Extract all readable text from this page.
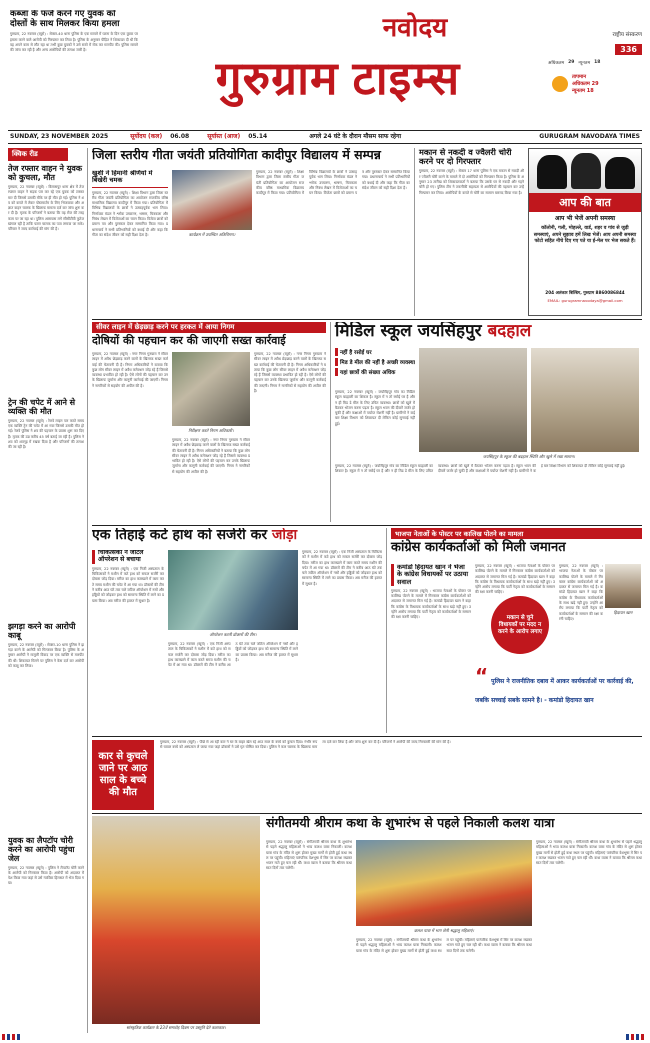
कब्जा के फर्ज करने गए युवक को
दोस्तों के साथ मिलकर किया हमला
गुरुग्राम, 22 नवम्बर (ब्यूरो) : सेक्टर-40 थाना पुलिस के एक मामले में घटना के दिन एक युवक पर हमला करने वाले आरोपी को गिरफ्तार कर लिया है। पुलिस के अनुसार पीड़ित ने शिकायत दी थी कि वह अपने काम से लौट रहा था तभी कुछ युवकों ने उसे रास्ते में रोक कर मारपीट की। पुलिस मामले की जांच कर रही है और अन्य आरोपियों की तलाश जारी है।
नवोदय
गुरुग्राम टाइम्स
राष्ट्रीय संस्करण
336
अधिकतम 29 न्यूनतम 18
तापमान
अधिकतम 29
न्यूनतम 18
SUNDAY, 23 NOVEMBER 2025	सूर्योदय (कल) 06.08	सूर्यास्त (आज) 05.14	अगले 24 घंटे के दौरान मौसम साफ रहेगा	GURUGRAM NAVODAYA TIMES
क्विक रीड
तेज रफ्तार वाहन ने युवक को कुचला, मौत
गुरुग्राम, 22 नवम्बर (ब्यूरो) : बिलासपुर थाना क्षेत्र में तेज रफ्तार वाहन ने सड़क पार कर रहे एक युवक को टक्कर मार दी जिससे उसकी मौके पर ही मौत हो गई। पुलिस ने शव को कब्जे में लेकर पोस्टमार्टम के लिए भिजवाया और अज्ञात वाहन चालक के खिलाफ मामला दर्ज कर जांच शुरू कर दी है। मृतक के परिजनों ने बताया कि वह रोज की तरह काम पर जा रहा था। पुलिस आसपास लगे सीसीटीवी फुटेज खंगाल रही है ताकि फरार चालक का पता लगाया जा सके। परिवार ने जल्द कार्रवाई की मांग की है।
ट्रेन की चपेट में आने से व्यक्ति की मौत
गुरुग्राम, 22 नवम्बर (ब्यूरो) : रेलवे लाइन पार करते समय एक व्यक्ति ट्रेन की चपेट में आ गया जिससे उसकी मौत हो गई। रेलवे पुलिस ने शव की पहचान के प्रयास शुरू कर दिए हैं। मृतक की उम्र करीब 45 वर्ष बताई जा रही है। पुलिस ने शव को शवगृह में रखवा दिया है और परिजनों की तलाश की जा रही है।
झगड़ा करने का आरोपी काबू
गुरुग्राम, 22 नवम्बर (ब्यूरो) : सेक्टर-10 थाना पुलिस ने झगड़ा करने के आरोपी को गिरफ्तार किया है। पुलिस के अनुसार आरोपी ने मामूली विवाद पर एक व्यक्ति से मारपीट की थी। शिकायत मिलने पर पुलिस ने केस दर्ज कर आरोपी को काबू कर लिया।
युवक का लैपटॉप चोरी करने का आरोपी पहुंचा जेल
गुरुग्राम, 22 नवम्बर (ब्यूरो) : पुलिस ने लैपटॉप चोरी करने के आरोपी को गिरफ्तार किया है। आरोपी को अदालत में पेश किया गया जहां से उसे न्यायिक हिरासत में भेज दिया गया।
जिला स्तरीय गीता जयंती प्रतियोगिता कादीपुर विद्यालय में सम्पन्न
खुशी ने हिमानी श्रेणियों में बिखेरी चमक
गुरुग्राम, 22 नवम्बर (ब्यूरो) : शिक्षा विभाग द्वारा जिला स्तरीय गीता जयंती प्रतियोगिता का आयोजन राजकीय वरिष्ठ माध्यमिक विद्यालय कादीपुर में किया गया। प्रतियोगिता में विभिन्न विद्यालयों के छात्रों ने उत्साहपूर्वक भाग लिया। निर्णायक मंडल ने श्लोक उच्चारण, भाषण, चित्रकला और निबंध लेखन में विजेताओं का चयन किया। विजेता छात्रों को प्रमाण पत्र और पुरस्कार देकर सम्मानित किया गया। प्रधानाचार्य ने सभी प्रतिभागियों को बधाई दी और कहा कि गीता का संदेश जीवन को सही दिशा देता है।	कार्यक्रम में उपस्थित अतिथिगण।
गुरुग्राम, 22 नवम्बर (ब्यूरो) : शिक्षा विभाग द्वारा जिला स्तरीय गीता जयंती प्रतियोगिता का आयोजन राजकीय वरिष्ठ माध्यमिक विद्यालय कादीपुर में किया गया। प्रतियोगिता में विभिन्न विद्यालयों के छात्रों ने उत्साहपूर्वक भाग लिया। निर्णायक मंडल ने श्लोक उच्चारण, भाषण, चित्रकला और निबंध लेखन में विजेताओं का चयन किया। विजेता छात्रों को प्रमाण पत्र और पुरस्कार देकर सम्मानित किया गया। प्रधानाचार्य ने सभी प्रतिभागियों को बधाई दी और कहा कि गीता का संदेश जीवन को सही दिशा देता है।
मकान से नकदी व ज्वैलरी चोरी करने पर दो गिरफ्तार
गुरुग्राम, 22 नवम्बर (ब्यूरो) : सेक्टर 17 थाना पुलिस ने एक मकान से नकदी और ज्वैलरी चोरी करने के मामले में दो आरोपियों को गिरफ्तार किया है। पुलिस के अनुसार 23 तारीख को शिकायतकर्ता ने बताया कि उसके घर से नकदी और गहने चोरी हो गए। पुलिस टीम ने तकनीकी सहायता से आरोपियों की पहचान कर उन्हें गिरफ्तार कर लिया। आरोपियों के कब्जे से चोरी का सामान बरामद किया गया है।
आप की बात
आप भी भेजें अपनी समस्या
कॉलोनी, गली, मोहल्ले, वार्ड, शहर व गांव से जुड़ी समस्याएं, अपने सुझाव हमें लिख भेजें। आप अपनी समस्या फोटो सहित नीचे दिए गए पते या ई-मेल पर भेज सकते हैं।
204 अलंकार बिल्डिंग, गुरुग्राम 8860086844
EMAIL: gurugramnavodaya@gmail.com
सीवर लाइन में छेड़छाड़ करने पर हरकत में आया निगम
दोषियों की पहचान कर की जाएगी सख्त कार्रवाई
गुरुग्राम, 22 नवम्बर (ब्यूरो) : नगर निगम गुरुग्राम ने सीवर लाइन में अवैध छेड़छाड़ करने वालों के खिलाफ सख्त कार्रवाई की चेतावनी दी है। निगम अधिकारियों ने बताया कि कुछ लोग सीवर लाइन में अवैध कनेक्शन जोड़ रहे हैं जिससे व्यवस्था प्रभावित हो रही है। ऐसे लोगों की पहचान कर उनके खिलाफ जुर्माना और कानूनी कार्रवाई की जाएगी। निगम ने नागरिकों से सहयोग की अपील की है।
निरीक्षण करते निगम अधिकारी।
गुरुग्राम, 22 नवम्बर (ब्यूरो) : नगर निगम गुरुग्राम ने सीवर लाइन में अवैध छेड़छाड़ करने वालों के खिलाफ सख्त कार्रवाई की चेतावनी दी है। निगम अधिकारियों ने बताया कि कुछ लोग सीवर लाइन में अवैध कनेक्शन जोड़ रहे हैं जिससे व्यवस्था प्रभावित हो रही है। ऐसे लोगों की पहचान कर उनके खिलाफ जुर्माना और कानूनी कार्रवाई की जाएगी। निगम ने नागरिकों से सहयोग की अपील की है।
गुरुग्राम, 22 नवम्बर (ब्यूरो) : नगर निगम गुरुग्राम ने सीवर लाइन में अवैध छेड़छाड़ करने वालों के खिलाफ सख्त कार्रवाई की चेतावनी दी है। निगम अधिकारियों ने बताया कि कुछ लोग सीवर लाइन में अवैध कनेक्शन जोड़ रहे हैं जिससे व्यवस्था प्रभावित हो रही है। ऐसे लोगों की पहचान कर उनके खिलाफ जुर्माना और कानूनी कार्रवाई की जाएगी। निगम ने नागरिकों से सहयोग की अपील की है।
मिडिल स्कूल जयसिंहपुर बदहाल
नहीं है रसोई घर
मिड डे मील की नहीं है अच्छी व्यवस्था
यहां छात्रों की संख्या अधिक
गुरुग्राम, 22 नवम्बर (ब्यूरो) : जयसिंहपुर गांव का मिडिल स्कूल बदहाली का शिकार है। स्कूल में न तो रसोई घर है और न ही मिड डे मील के लिए उचित व्यवस्था। छात्रों को खुले में बैठकर भोजन करना पड़ता है। स्कूल भवन की दीवारें जर्जर हो चुकी हैं और कक्षाओं में पर्याप्त रोशनी नहीं है। ग्रामीणों ने कई बार शिक्षा विभाग को शिकायत दी लेकिन कोई सुनवाई नहीं हुई।
जयसिंहपुर के स्कूल की बदहाल स्थिति और खुले में रखा सामान।
गुरुग्राम, 22 नवम्बर (ब्यूरो) : जयसिंहपुर गांव का मिडिल स्कूल बदहाली का शिकार है। स्कूल में न तो रसोई घर है और न ही मिड डे मील के लिए उचित व्यवस्था। छात्रों को खुले में बैठकर भोजन करना पड़ता है। स्कूल भवन की दीवारें जर्जर हो चुकी हैं और कक्षाओं में पर्याप्त रोशनी नहीं है। ग्रामीणों ने कई बार शिक्षा विभाग को शिकायत दी लेकिन कोई सुनवाई नहीं हुई।
एक तिहाई कटे हाथ को सर्जरी कर जोड़ा
चिकित्सकों ने जटिल ऑपरेशन से बचाया
गुरुग्राम, 22 नवम्बर (ब्यूरो) : एक निजी अस्पताल के चिकित्सकों ने मशीन में कटे हाथ को सफल सर्जरी कर दोबारा जोड़ दिया। मरीज का हाथ कारखाने में काम करते समय मशीन की चपेट में आ गया था। डॉक्टरों की टीम ने करीब आठ घंटे तक चले जटिल ऑपरेशन में नसों और हड्डियों को जोड़कर हाथ को सामान्य स्थिति में लाने का प्रयास किया। अब मरीज की हालत में सुधार है।
ऑपरेशन करती डॉक्टरों की टीम।
गुरुग्राम, 22 नवम्बर (ब्यूरो) : एक निजी अस्पताल के चिकित्सकों ने मशीन में कटे हाथ को सफल सर्जरी कर दोबारा जोड़ दिया। मरीज का हाथ कारखाने में काम करते समय मशीन की चपेट में आ गया था। डॉक्टरों की टीम ने करीब आठ घंटे तक चले जटिल ऑपरेशन में नसों और हड्डियों को जोड़कर हाथ को सामान्य स्थिति में लाने का प्रयास किया। अब मरीज की हालत में सुधार है।
गुरुग्राम, 22 नवम्बर (ब्यूरो) : एक निजी अस्पताल के चिकित्सकों ने मशीन में कटे हाथ को सफल सर्जरी कर दोबारा जोड़ दिया। मरीज का हाथ कारखाने में काम करते समय मशीन की चपेट में आ गया था। डॉक्टरों की टीम ने करीब आठ घंटे तक चले जटिल ऑपरेशन में नसों और हड्डियों को जोड़कर हाथ को सामान्य स्थिति में लाने का प्रयास किया। अब मरीज की हालत में सुधार है।
भाजपा नेताओं के पोस्टर पर कालिख पोतने का मामला
कांग्रेस कार्यकर्ताओं को मिली जमानत
कमांडो हिदायत खान ने भेजा के कांग्रेस विधायकों पर उठाया सवाल
गुरुग्राम, 22 नवम्बर (ब्यूरो) : भाजपा नेताओं के पोस्टर पर कालिख पोतने के मामले में गिरफ्तार कांग्रेस कार्यकर्ताओं को अदालत से जमानत मिल गई है। कमांडो हिदायत खान ने कहा कि कांग्रेस के विधायक कार्यकर्ताओं के साथ खड़े नहीं हुए। उन्होंने आरोप लगाया कि पार्टी नेतृत्व को कार्यकर्ताओं के सम्मान की रक्षा करनी चाहिए।
गुरुग्राम, 22 नवम्बर (ब्यूरो) : भाजपा नेताओं के पोस्टर पर कालिख पोतने के मामले में गिरफ्तार कांग्रेस कार्यकर्ताओं को अदालत से जमानत मिल गई है। कमांडो हिदायत खान ने कहा कि कांग्रेस के विधायक कार्यकर्ताओं के साथ खड़े नहीं हुए। उन्होंने आरोप लगाया कि पार्टी नेतृत्व को कार्यकर्ताओं के सम्मान की रक्षा करनी चाहिए।
मकान से चुने विधायकों पर मदद न करने के आरोप लगाए
गुरुग्राम, 22 नवम्बर (ब्यूरो) : भाजपा नेताओं के पोस्टर पर कालिख पोतने के मामले में गिरफ्तार कांग्रेस कार्यकर्ताओं को अदालत से जमानत मिल गई है। कमांडो हिदायत खान ने कहा कि कांग्रेस के विधायक कार्यकर्ताओं के साथ खड़े नहीं हुए। उन्होंने आरोप लगाया कि पार्टी नेतृत्व को कार्यकर्ताओं के सम्मान की रक्षा करनी चाहिए।
हिदायत खान
“ पुलिस ने राजनीतिक दबाव में आकर कार्यकर्ताओं पर कार्रवाई की, जबकि सच्चाई सबके सामने है। - कमांडो हिदायत खान
कार से कुचले जाने पर आठ साल के बच्चे की मौत
गुरुग्राम, 22 नवम्बर (ब्यूरो) : पीछे से आ रही कार ने घर के बाहर खेल रहे आठ साल के बच्चे को कुचल दिया। गंभीर रूप से घायल बच्चे को अस्पताल ले जाया गया जहां डॉक्टरों ने उसे मृत घोषित कर दिया। पुलिस ने कार चालक के खिलाफ मामला दर्ज कर लिया है और जांच शुरू कर दी है। परिजनों ने आरोपी की जल्द गिरफ्तारी की मांग की है।
सांस्कृतिक कार्यक्रम के 23वें समारोह दिवस पर प्रस्तुति देते कलाकार।
संगीतमयी श्रीराम कथा के शुभारंभ से पहले निकाली कलश यात्रा
गुरुग्राम, 22 नवम्बर (ब्यूरो) : संगीतमयी श्रीराम कथा के शुभारंभ से पहले श्रद्धालु महिलाओं ने भव्य कलश यात्रा निकाली। कलश यात्रा गांव के मंदिर से शुरू होकर मुख्य मार्गों से होती हुई कथा स्थल पर पहुंची। महिलाएं पारंपरिक वेशभूषा में सिर पर कलश रखकर भजन गाते हुए चल रही थीं। कथा व्यास ने बताया कि श्रीराम कथा सात दिनों तक चलेगी।
कलश यात्रा में भाग लेती श्रद्धालु महिलाएं।
गुरुग्राम, 22 नवम्बर (ब्यूरो) : संगीतमयी श्रीराम कथा के शुभारंभ से पहले श्रद्धालु महिलाओं ने भव्य कलश यात्रा निकाली। कलश यात्रा गांव के मंदिर से शुरू होकर मुख्य मार्गों से होती हुई कथा स्थल पर पहुंची। महिलाएं पारंपरिक वेशभूषा में सिर पर कलश रखकर भजन गाते हुए चल रही थीं। कथा व्यास ने बताया कि श्रीराम कथा सात दिनों तक चलेगी।
गुरुग्राम, 22 नवम्बर (ब्यूरो) : संगीतमयी श्रीराम कथा के शुभारंभ से पहले श्रद्धालु महिलाओं ने भव्य कलश यात्रा निकाली। कलश यात्रा गांव के मंदिर से शुरू होकर मुख्य मार्गों से होती हुई कथा स्थल पर पहुंची। महिलाएं पारंपरिक वेशभूषा में सिर पर कलश रखकर भजन गाते हुए चल रही थीं। कथा व्यास ने बताया कि श्रीराम कथा सात दिनों तक चलेगी।
